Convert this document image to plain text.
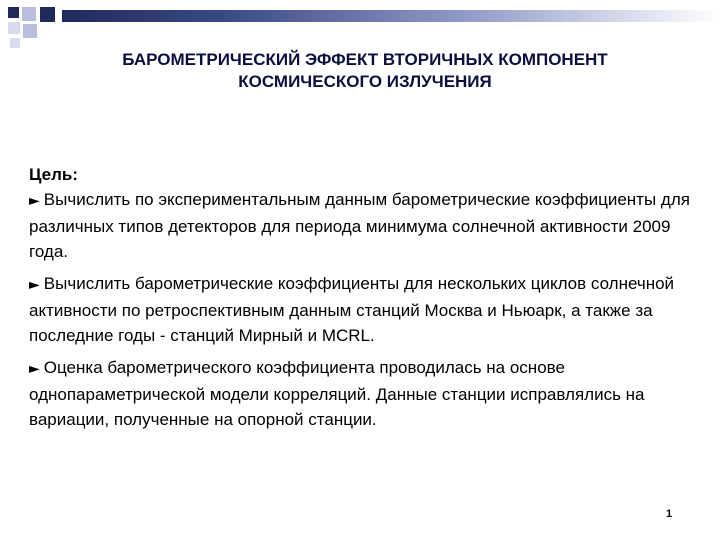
БАРОМЕТРИЧЕСКИЙ ЭФФЕКТ ВТОРИЧНЫХ КОМПОНЕНТ
КОСМИЧЕСКОГО ИЗЛУЧЕНИЯ

Цель:

► Вычислить по экспериментальным данным барометрические коэффициенты для различных типов детекторов для периода минимума солнечной активности 2009 года.

► Вычислить барометрические коэффициенты для нескольких циклов солнечной активности по ретроспективным данным станций Москва и Ньюарк, а также за последние годы - станций Мирный и MCRL.

► Оценка барометрического коэффициента проводилась на основе однопараметрической модели корреляций. Данные станции исправлялись на вариации, полученные на опорной станции.

1
